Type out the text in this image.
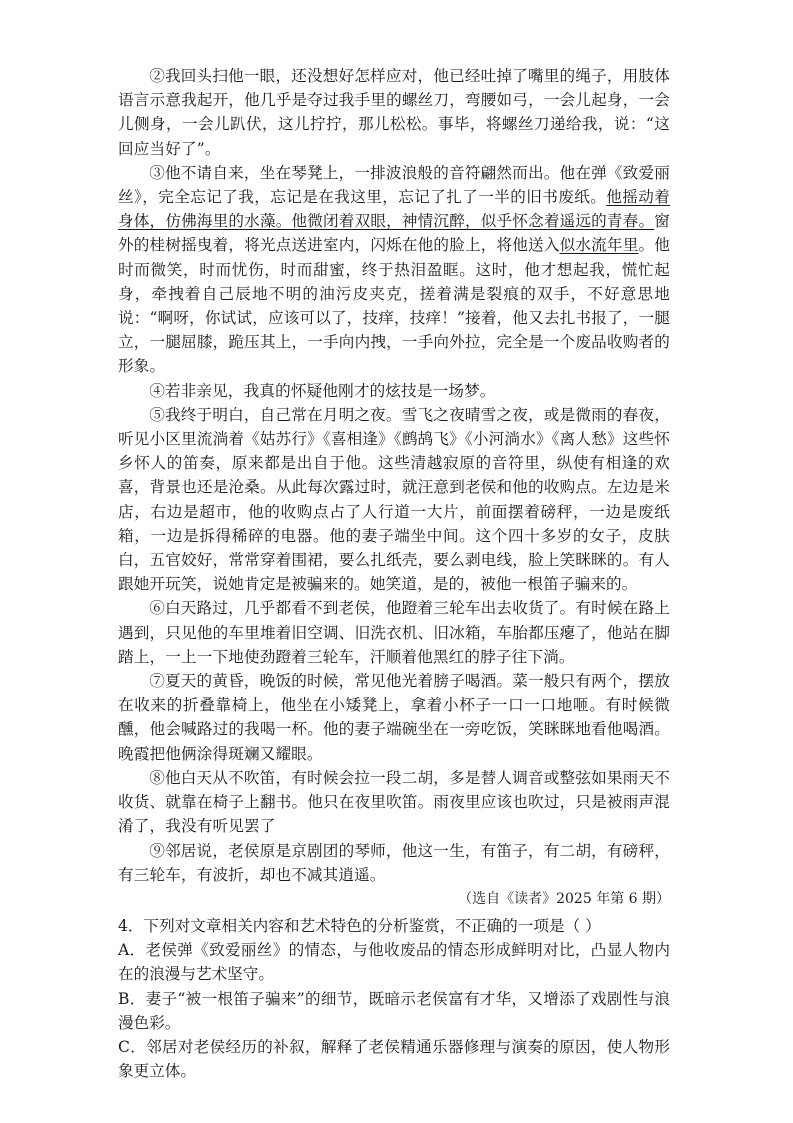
②我回头扫他一眼，还没想好怎样应对，他已经吐掉了嘴里的绳子，用肢体语言示意我起开，他几乎是夺过我手里的螺丝刀，弯腰如弓，一会儿起身，一会儿侧身，一会儿趴伏，这儿拧拧，那儿松松。事毕，将螺丝刀递给我，说：“这回应当好了”。

③他不请自来，坐在琴凳上，一排波浪般的音符翩然而出。他在弹《致爱丽丝》，完全忘记了我，忘记是在我这里，忘记了扎了一半的旧书废纸。他摇动着身体，仿佛海里的水藻。他微闭着双眼，神情沉醉，似乎怀念着遥远的青春。窗外的桂树摇曳着，将光点送进室内，闪烁在他的脸上，将他送入似水流年里。他时而微笑，时而忧伤，时而甜蜜，终于热泪盈眶。这时，他才想起我，慌忙起身，牵拽着自己辰地不明的油污皮夹克，搓着满是裂痕的双手，不好意思地说：“啊呀，你试试，应该可以了，技痒，技痒！”接着，他又去扎书报了，一腿立，一腿屈膝，跪压其上，一手向内拽，一手向外拉，完全是一个废品收购者的形象。

④若非亲见，我真的怀疑他刚才的炫技是一场梦。

⑤我终于明白，自己常在月明之夜。雪飞之夜晴雪之夜，或是微雨的春夜，听见小区里流淌着《姑苏行》《喜相逢》《鹧鸪飞》《小河淌水》《离人愁》这些怀乡怀人的笛奏，原来都是出自于他。这些清越寂原的音符里，纵使有相逢的欢喜，背景也还是沧桑。从此每次露过时，就汪意到老侯和他的收购点。左边是米店，右边是超市，他的收购点占了人行道一大片，前面摆着磅秤，一边是废纸箱，一边是拆得稀碎的电器。他的妻子端坐中间。这个四十多岁的女子，皮肤白，五官姣好，常常穿着围裙，要么扎纸壳，要么剥电线，脸上笑眯眯的。有人跟她开玩笑，说她肯定是被骗来的。她笑道，是的，被他一根笛子骗来的。

⑥白天路过，几乎都看不到老侯，他蹬着三轮车出去收货了。有时候在路上遇到，只见他的车里堆着旧空调、旧洗衣机、旧冰箱，车胎都压瘪了，他站在脚踏上，一上一下地使劲蹬着三轮车，汗顺着他黑红的脖子往下淌。

⑦夏天的黄昏，晚饭的时候，常见他光着膀子喝酒。菜一般只有两个，摆放在收来的折叠靠椅上，他坐在小矮凳上，拿着小杯子一口一口地咂。有时候微醺，他会喊路过的我喝一杯。他的妻子端碗坐在一旁吃饭，笑眯眯地看他喝酒。晚霞把他俩涂得斑斓又耀眼。

⑧他白天从不吹笛，有时候会拉一段二胡，多是替人调音或整弦如果雨天不收货、就靠在椅子上翻书。他只在夜里吹笛。雨夜里应该也吹过，只是被雨声混淆了，我没有听见罢了

⑨邻居说，老侯原是京剧团的琴师，他这一生，有笛子，有二胡，有磅秤，有三轮车，有波折，却也不减其逍遥。

（选自《读者》2025 年第 6 期）

4．下列对文章相关内容和艺术特色的分析鉴赏，不正确的一项是（ ）

A．老侯弹《致爱丽丝》的情态，与他收废品的情态形成鲜明对比，凸显人物内在的浪漫与艺术坚守。

B．妻子“被一根笛子骗来”的细节，既暗示老侯富有才华，又增添了戏剧性与浪漫色彩。

C．邻居对老侯经历的补叙，解释了老侯精通乐器修理与演奏的原因，使人物形象更立体。
